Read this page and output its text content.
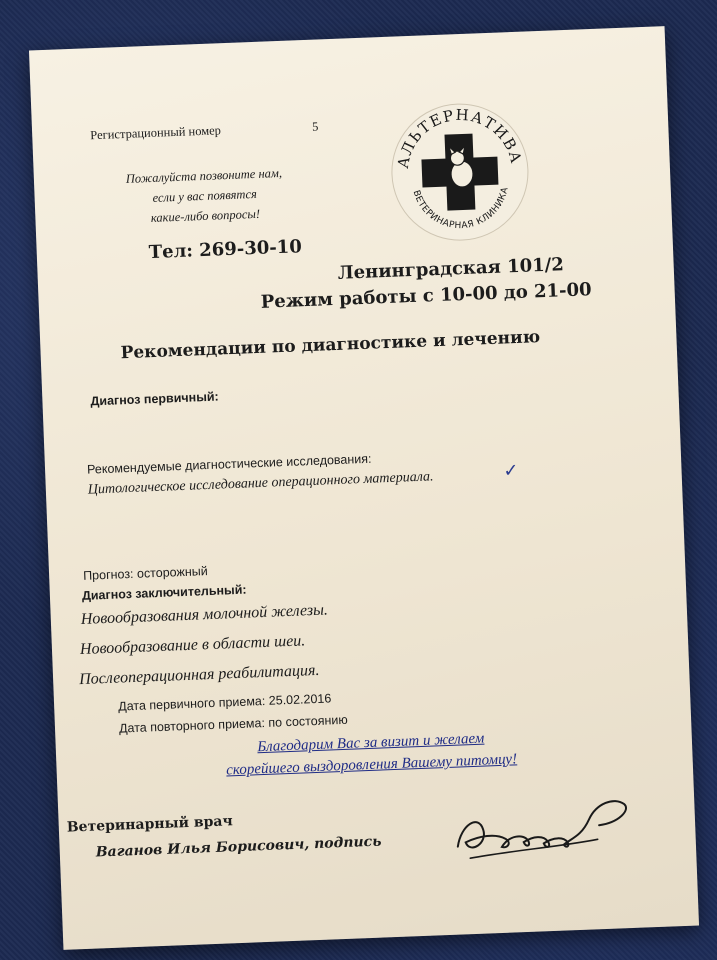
Регистрационный номер	5
Пожалуйста позвоните нам,
если у вас появятся
какие-либо вопросы!
АЛЬТЕРНАТИВА
ВЕТЕРИНАРНАЯ КЛИНИКА
Тел: 269-30-10
Ленинградская 101/2
Режим работы с 10-00 до 21-00
Рекомендации по диагностике и лечению
Диагноз первичный:
Рекомендуемые диагностические исследования:
Цитологическое исследование операционного материала.	✓
Прогноз: осторожный
Диагноз заключительный:
Новообразования молочной железы.
Новообразование в области шеи.
Послеоперационная реабилитация.
Дата первичного приема: 25.02.2016
Дата повторного приема: по состоянию
Благодарим Вас за визит и желаем
скорейшего выздоровления Вашему питомцу!
Ветеринарный врач
Ваганов Илья Борисович, подпись
